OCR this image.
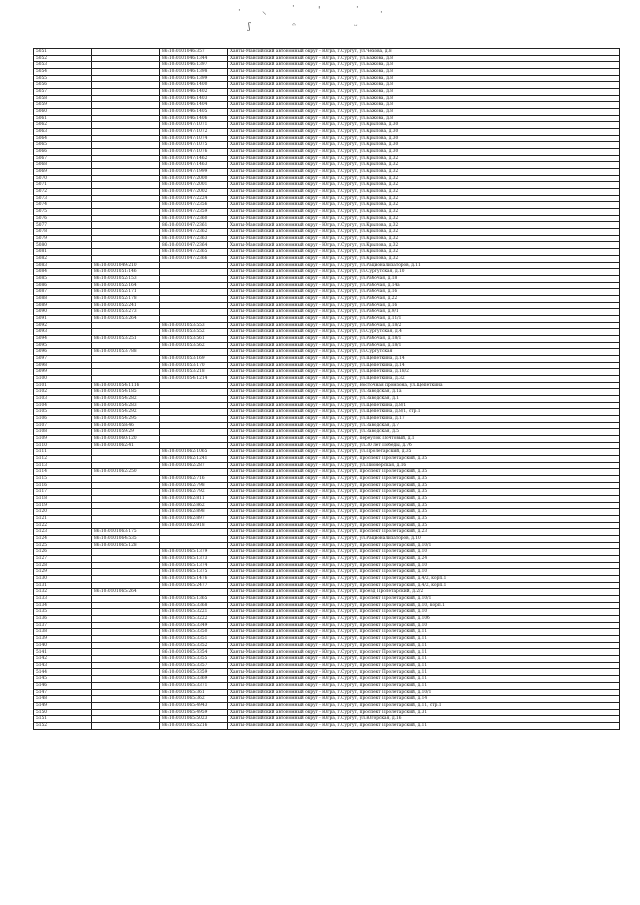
· ⸜	·	'	· ·
ʃ	𝄐	ᵕ
5051		86:10:0101046:357	Ханты-Мансийский автономный округ - Югра, г.Сургут, ул.Чехова, д.8
5052		86:10:0101046:1344	Ханты-Мансийский автономный округ - Югра, г.Сургут, ул.Бажова, д.8
5053		86:10:0101046:1397	Ханты-Мансийский автономный округ - Югра, г.Сургут, ул.Бажова, д.8
5054		86:10:0101046:1398	Ханты-Мансийский автономный округ - Югра, г.Сургут, ул.Бажова, д.8
5055		86:10:0101046:1399	Ханты-Мансийский автономный округ - Югра, г.Сургут, ул.Бажова, д.8
5056		86:10:0101046:1400	Ханты-Мансийский автономный округ - Югра, г.Сургут, ул.Бажова, д.8
5057		86:10:0101046:1402	Ханты-Мансийский автономный округ - Югра, г.Сургут, ул.Бажова, д.8
5058		86:10:0101046:1403	Ханты-Мансийский автономный округ - Югра, г.Сургут, ул.Бажова, д.8
5059		86:10:0101046:1404	Ханты-Мансийский автономный округ - Югра, г.Сургут, ул.Бажова, д.8
5060		86:10:0101046:1405	Ханты-Мансийский автономный округ - Югра, г.Сургут, ул.Бажова, д.8
5061		86:10:0101046:1406	Ханты-Мансийский автономный округ - Югра, г.Сургут, ул.Бажова, д.8
5062		86:10:0101047:1071	Ханты-Мансийский автономный округ - Югра, г.Сургут, ул.Крылова, д.30
5063		86:10:0101047:1072	Ханты-Мансийский автономный округ - Югра, г.Сургут, ул.Крылова, д.30
5064		86:10:0101047:1074	Ханты-Мансийский автономный округ - Югра, г.Сургут, ул.Крылова, д.30
5065		86:10:0101047:1075	Ханты-Мансийский автономный округ - Югра, г.Сургут, ул.Крылова, д.30
5066		86:10:0101047:1076	Ханты-Мансийский автономный округ - Югра, г.Сургут, ул.Крылова, д.30
5067		86:10:0101047:1462	Ханты-Мансийский автономный округ - Югра, г.Сургут, ул.Крылова, д.32
5068		86:10:0101047:1463	Ханты-Мансийский автономный округ - Югра, г.Сургут, ул.Крылова, д.32
5069		86:10:0101047:1999	Ханты-Мансийский автономный округ - Югра, г.Сургут, ул.Крылова, д.32
5070		86:10:0101047:2000	Ханты-Мансийский автономный округ - Югра, г.Сургут, ул.Крылова, д.32
5071		86:10:0101047:2001	Ханты-Мансийский автономный округ - Югра, г.Сургут, ул.Крылова, д.32
5072		86:10:0101047:2002	Ханты-Мансийский автономный округ - Югра, г.Сургут, ул.Крылова, д.32
5073		86:10:0101047:2224	Ханты-Мансийский автономный округ - Югра, г.Сургут, ул.Крылова, д.32
5074		86:10:0101047:2356	Ханты-Мансийский автономный округ - Югра, г.Сургут, ул.Крылова, д.32
5075		86:10:0101047:2359	Ханты-Мансийский автономный округ - Югра, г.Сургут, ул.Крылова, д.32
5076		86:10:0101047:2360	Ханты-Мансийский автономный округ - Югра, г.Сургут, ул.Крылова, д.32
5077		86:10:0101047:2361	Ханты-Мансийский автономный округ - Югра, г.Сургут, ул.Крылова, д.32
5078		86:10:0101047:2362	Ханты-Мансийский автономный округ - Югра, г.Сургут, ул.Крылова, д.32
5079		86:10:0101047:2363	Ханты-Мансийский автономный округ - Югра, г.Сургут, ул.Крылова, д.32
5080		86:10:0101047:2364	Ханты-Мансийский автономный округ - Югра, г.Сургут, ул.Крылова, д.32
5081		86:10:0101047:2365	Ханты-Мансийский автономный округ - Югра, г.Сургут, ул.Крылова, д.32
5082		86:10:0101047:2366	Ханты-Мансийский автономный округ - Югра, г.Сургут, ул.Крылова, д.32
5083	86:10:0101049:210		Ханты-Мансийский автономный округ - Югра, г.Сургут, ул.Рационализаторов, д.11
5084	86:10:0101051:146		Ханты-Мансийский автономный округ - Югра, г.Сургут, ул.Сургутская, д.10
5085	86:10:0101052:153		Ханты-Мансийский автономный округ - Югра, г.Сургут, ул.Рабочая, д.18
5086	86:10:0101052:164		Ханты-Мансийский автономный округ - Югра, г.Сургут, ул.Рабочая, д.14а
5087	86:10:0101052:171		Ханты-Мансийский автономный округ - Югра, г.Сургут, ул.Рабочая, д.16
5088	86:10:0101052:178		Ханты-Мансийский автономный округ - Югра, г.Сургут, ул.Рабочая, д.22
5089	86:10:0101052:241		Ханты-Мансийский автономный округ - Югра, г.Сургут, ул.Рабочая, д.16
5090	86:10:0101053:273		Ханты-Мансийский автономный округ - Югра, г.Сургут, ул.Рабочая, д.9/1
5091	86:10:0101053:264		Ханты-Мансийский автономный округ - Югра, г.Сургут, ул.Рабочая, д.11/1
5092		86:10:0101053:553	Ханты-Мансийский автономный округ - Югра, г.Сургут, ул.Рабочая, д.18/2
5093		86:10:0101053:552	Ханты-Мансийский автономный округ - Югра, г.Сургут, ул.Сургутская, д.4
5094	86:10:0101053:251	86:10:0101053:561	Ханты-Мансийский автономный округ - Югра, г.Сургут, ул.Рабочая, д.18/1
5095		86:10:0101053:562	Ханты-Мансийский автономный округ - Югра, г.Сургут, ул.Рабочая, д.18/1
5096	86:10:0101053:788		Ханты-Мансийский автономный округ - Югра, г.Сургут, ул.Сургутская
5097		86:10:0101053:169	Ханты-Мансийский автономный округ - Югра, г.Сургут, ул.Щепеткина, д.14
5098		86:10:0101053:170	Ханты-Мансийский автономный округ - Югра, г.Сургут, ул.Щепеткина, д.14
5099		86:10:0101053:218	Ханты-Мансийский автономный округ - Югра, г.Сургут, ул.Щепеткина, д.18/2
5100		86:10:0101054:1214	Ханты-Мансийский автономный округ - Югра, г.Сургут, ул.Щепеткина, д.32
5101	86:10:0101054:1116		Ханты-Мансийский автономный округ - Югра, г.Сургут, Восточная промзона, ул.Щепеткина
5102	86:10:0101054:185		Ханты-Мансийский автономный округ - Югра, г.Сургут, ул.Заводская, д.1а
5103	86:10:0101054:282		Ханты-Мансийский автономный округ - Югра, г.Сургут, ул.Заводская, д.1
5104	86:10:0101054:283		Ханты-Мансийский автономный округ - Югра, г.Сургут, ул.Щепеткина, д.8/1
5105	86:10:0101054:292		Ханты-Мансийский автономный округ - Югра, г.Сургут, ул.Щепеткина, д.8/1, стр.1
5106	86:10:0101054:295		Ханты-Мансийский автономный округ - Югра, г.Сургут, ул.Щепеткина, д.17
5107	86:10:0101058:46		Ханты-Мансийский автономный округ - Югра, г.Сургут, ул.Заводская, д.7
5108	86:10:0101059:29		Ханты-Мансийский автономный округ - Югра, г.Сургут, ул.Заводская, д.5
5109	86:10:0101060:120		Ханты-Мансийский автономный округ - Югра, г.Сургут, переулок Почтовый, д.1
5110	86:10:0101062:41		Ханты-Мансийский автономный округ - Югра, г.Сургут, ул.30 лет Победы, д.7б
5111		86:10:0101062:1065	Ханты-Мансийский автономный округ - Югра, г.Сургут, ул.Пролетарский, д.35
5112		86:10:0101062:1241	Ханты-Мансийский автономный округ - Югра, г.Сургут, проспект Пролетарский, д.35
5113		86:10:0101062:287	Ханты-Мансийский автономный округ - Югра, г.Сургут, ул.Пионерская, д.16
5114	86:10:0101062:250		Ханты-Мансийский автономный округ - Югра, г.Сургут, проспект Пролетарский, д.35
5115		86:10:0101062:716	Ханты-Мансийский автономный округ - Югра, г.Сургут, проспект Пролетарский, д.35
5116		86:10:0101062:798	Ханты-Мансийский автономный округ - Югра, г.Сургут, проспект Пролетарский, д.35
5117		86:10:0101062:792	Ханты-Мансийский автономный округ - Югра, г.Сургут, проспект Пролетарский, д.35
5118		86:10:0101062:811	Ханты-Мансийский автономный округ - Югра, г.Сургут, проспект Пролетарский, д.35
5119		86:10:0101062:862	Ханты-Мансийский автономный округ - Югра, г.Сургут, проспект Пролетарский, д.35
5120		86:10:0101062:898	Ханты-Мансийский автономный округ - Югра, г.Сургут, проспект Пролетарский, д.35
5121		86:10:0101062:897	Ханты-Мансийский автономный округ - Югра, г.Сургут, проспект Пролетарский, д.35
5122		86:10:0101062:918	Ханты-Мансийский автономный округ - Югра, г.Сургут, проспект Пролетарский, д.35
5123	86:10:0101063:175		Ханты-Мансийский автономный округ - Югра, г.Сургут, проспект Пролетарский, д.23
5124	86:10:0101064:535		Ханты-Мансийский автономный округ - Югра, г.Сургут, ул.Рационализаторов, д.10
5125	86:10:0101065:128		Ханты-Мансийский автономный округ - Югра, г.Сургут, проспект Пролетарский, д.10/1
5126		86:10:0101065:1379	Ханты-Мансийский автономный округ - Югра, г.Сургут, проспект Пролетарский, д.10
5127		86:10:0101065:1373	Ханты-Мансийский автономный округ - Югра, г.Сургут, проспект Пролетарский, д.24
5128		86:10:0101065:1374	Ханты-Мансийский автономный округ - Югра, г.Сургут, проспект Пролетарский, д.10
5129		86:10:0101065:1375	Ханты-Мансийский автономный округ - Югра, г.Сургут, проспект Пролетарский, д.10
5130		86:10:0101065:1476	Ханты-Мансийский автономный округ - Югра, г.Сургут, проспект Пролетарский, д.4/2, корп.1
5131		86:10:0101065:2477	Ханты-Мансийский автономный округ - Югра, г.Сургут, проспект Пролетарский, д.4/2, корп.1
5132	86:10:0101065:264		Ханты-Мансийский автономный округ - Югра, г.Сургут, проезд Пролетарский, д.2/2
5133		86:10:0101065:1365	Ханты-Мансийский автономный округ - Югра, г.Сургут, проспект Пролетарский, д.10/1
5134		86:10:0101065:3368	Ханты-Мансийский автономный округ - Югра, г.Сургут, проспект Пролетарский, д.10, корп.1
5135		86:10:0101065:3221	Ханты-Мансийский автономный округ - Югра, г.Сургут, проспект Пролетарский, д.10
5136		86:10:0101065:3222	Ханты-Мансийский автономный округ - Югра, г.Сургут, проспект Пролетарский, д.10б
5137		86:10:0101065:3349	Ханты-Мансийский автономный округ - Югра, г.Сургут, проспект Пролетарский, д.10
5138		86:10:0101065:3350	Ханты-Мансийский автономный округ - Югра, г.Сургут, проспект Пролетарский, д.11
5139		86:10:0101065:3351	Ханты-Мансийский автономный округ - Югра, г.Сургут, проспект Пролетарский, д.11
5140		86:10:0101065:3352	Ханты-Мансийский автономный округ - Югра, г.Сургут, проспект Пролетарский, д.11
5141		86:10:0101065:3354	Ханты-Мансийский автономный округ - Югра, г.Сургут, проспект Пролетарский, д.11
5142		86:10:0101065:3355	Ханты-Мансийский автономный округ - Югра, г.Сургут, проспект Пролетарский, д.11
5143		86:10:0101065:3357	Ханты-Мансийский автономный округ - Югра, г.Сургут, проспект Пролетарский, д.11
5144		86:10:0101065:3359	Ханты-Мансийский автономный округ - Югра, г.Сургут, проспект Пролетарский, д.11
5145		86:10:0101065:3369	Ханты-Мансийский автономный округ - Югра, г.Сургут, проспект Пролетарский, д.11
5146		86:10:0101065:3371	Ханты-Мансийский автономный округ - Югра, г.Сургут, проспект Пролетарский, д.11
5147		86:10:0101065:361	Ханты-Мансийский автономный округ - Югра, г.Сургут, проспект Пролетарский, д.10/1
5148		86:10:0101065:362	Ханты-Мансийский автономный округ - Югра, г.Сургут, проспект Пролетарский, д.14
5149		86:10:0101065:4943	Ханты-Мансийский автономный округ - Югра, г.Сургут, проспект Пролетарский, д.11, стр.1
5150		86:10:0101065:4959	Ханты-Мансийский автономный округ - Югра, г.Сургут, проспект Пролетарский, д.31
5151		86:10:0101065:5023	Ханты-Мансийский автономный округ - Югра, г.Сургут, ул.Югорская, д.16
5152		86:10:0101065:5216	Ханты-Мансийский автономный округ - Югра, г.Сургут, проспект Пролетарский, д.11
